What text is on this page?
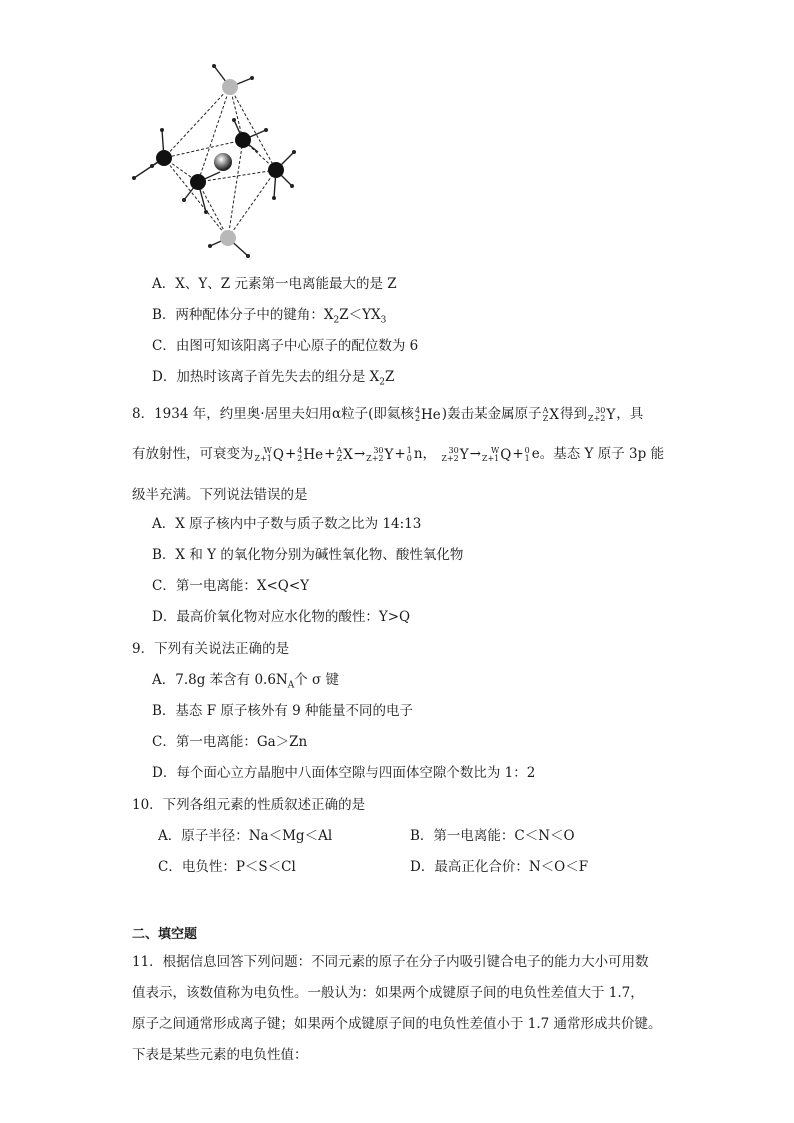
A．X、Y、Z 元素第一电离能最大的是 Z
B．两种配体分子中的键角：$X_2Z<YX_3$
C．由图可知该阳离子中心原子的配位数为 6
D．加热时该离子首先失去的组分是 $X_2Z$
8．1934 年，约里奥·居里夫妇用α粒子(即氦核 4
2 He )轰击某金属原子 A
Z X 得到	30
Z+2 Y ，具
有放射性，可衰变为	W
Z+1 Q + 4
2 He + A
Z X →	30
Z+2 Y + 1
0 n，	30
Z+2 Y →	W
Z+1 Q + 0
1 e。基态 Y 原子 3p 能
级半充满。下列说法错误的是
A．X 原子核内中子数与质子数之比为 14:13
B．X 和 Y 的氧化物分别为碱性氧化物、酸性氧化物
C．第一电离能：X<Q<Y
D．最高价氧化物对应水化物的酸性：Y>Q
9．下列有关说法正确的是
A．7.8g 苯含有 $0.6N_A$个 σ 键
B．基态 F 原子核外有 9 种能量不同的电子
C．第一电离能：Ga＞Zn
D．每个面心立方晶胞中八面体空隙与四面体空隙个数比为 1：2
10．下列各组元素的性质叙述正确的是
A．原子半径：Na＜Mg＜Al	B．第一电离能：C＜N＜O
C．电负性：P＜S＜Cl	D．最高正化合价：N＜O＜F
二、填空题
11．根据信息回答下列问题：不同元素的原子在分子内吸引键合电子的能力大小可用数
值表示，该数值称为电负性。一般认为：如果两个成键原子间的电负性差值大于 1.7，
原子之间通常形成离子键；如果两个成键原子间的电负性差值小于 1.7 通常形成共价键。
下表是某些元素的电负性值：
